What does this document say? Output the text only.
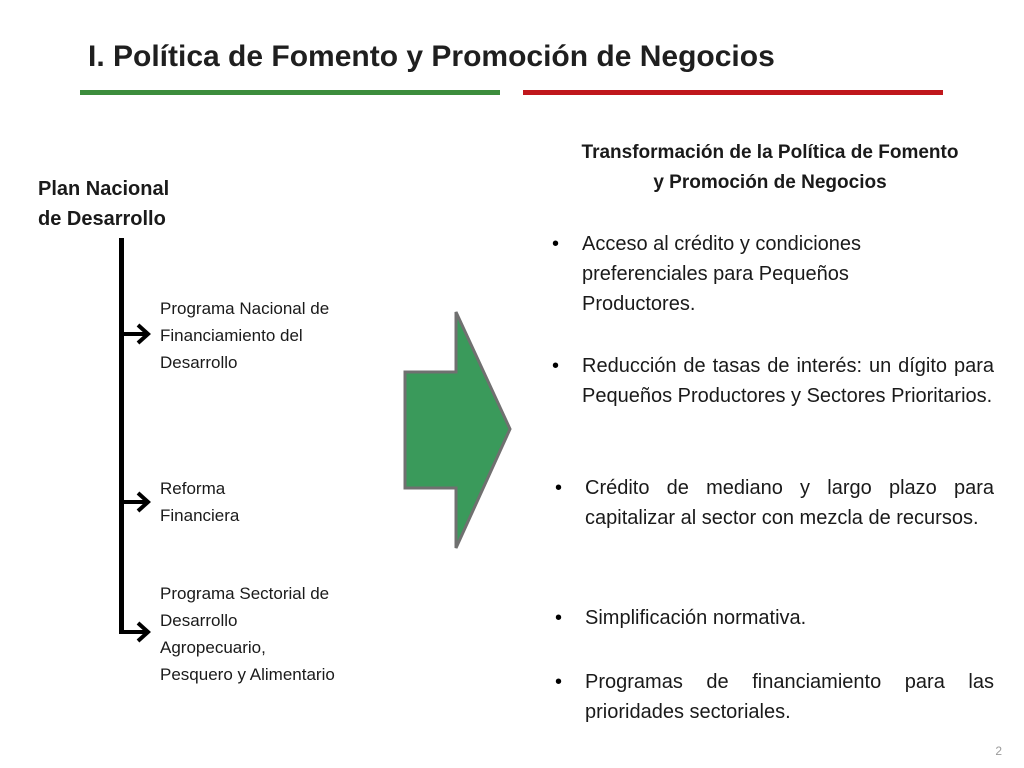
I. Política de Fomento y Promoción de Negocios
Plan Nacional
de Desarrollo
Programa Nacional de
Financiamiento del
Desarrollo
Reforma
Financiera
Programa Sectorial de
Desarrollo
Agropecuario,
Pesquero y Alimentario
Transformación de la Política de Fomento
y Promoción de Negocios
•	Acceso al crédito y condiciones preferenciales para Pequeños Productores.
•	Reducción de tasas de interés: un dígito para Pequeños Productores y Sectores Prioritarios.
•	Crédito de mediano y largo plazo para capitalizar al sector con mezcla de recursos.
•	Simplificación normativa.
•	Programas de financiamiento para las prioridades sectoriales.
2
